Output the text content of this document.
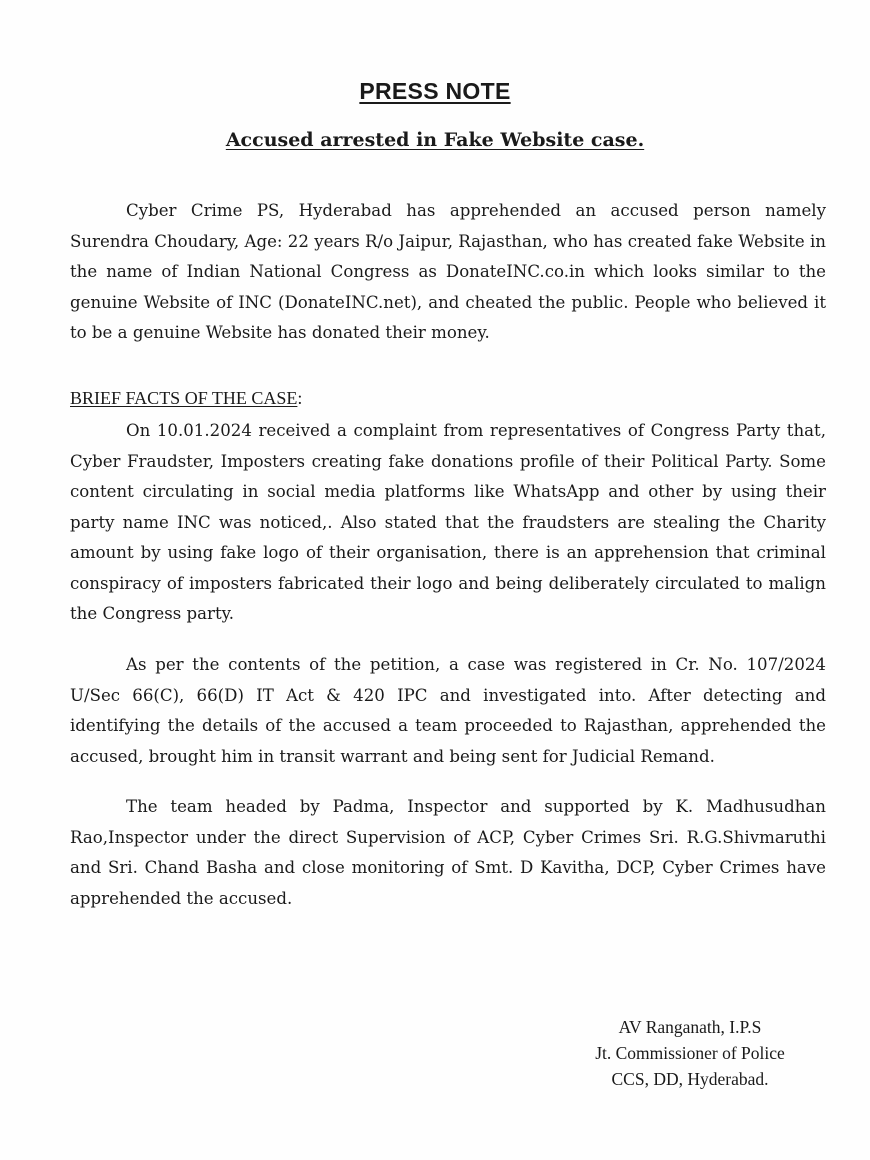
PRESS NOTE
Accused arrested in Fake Website case.

Cyber Crime PS, Hyderabad has apprehended an accused person namely Surendra Choudary, Age: 22 years R/o Jaipur, Rajasthan, who has created fake Website in the name of Indian National Congress as DonateINC.co.in which looks similar to the genuine Website of INC (DonateINC.net), and cheated the public. People who believed it to be a genuine Website has donated their money.

BRIEF FACTS OF THE CASE:

On 10.01.2024 received a complaint from representatives of Congress Party that, Cyber Fraudster, Imposters creating fake donations profile of their Political Party. Some content circulating in social media platforms like WhatsApp and other by using their party name INC was noticed,. Also stated that the fraudsters are stealing the Charity amount by using fake logo of their organisation, there is an apprehension that criminal conspiracy of imposters fabricated their logo and being deliberately circulated to malign the Congress party.

As per the contents of the petition, a case was registered in Cr. No. 107/2024 U/Sec 66(C), 66(D) IT Act & 420 IPC and investigated into. After detecting and identifying the details of the accused a team proceeded to Rajasthan, apprehended the accused, brought him in transit warrant and being sent for Judicial Remand.

The team headed by Padma, Inspector and supported by K. Madhusudhan Rao,Inspector under the direct Supervision of ACP, Cyber Crimes Sri. R.G.Shivmaruthi and Sri. Chand Basha and close monitoring of Smt. D Kavitha, DCP, Cyber Crimes have apprehended the accused.

AV Ranganath, I.P.S
Jt. Commissioner of Police
CCS, DD, Hyderabad.
